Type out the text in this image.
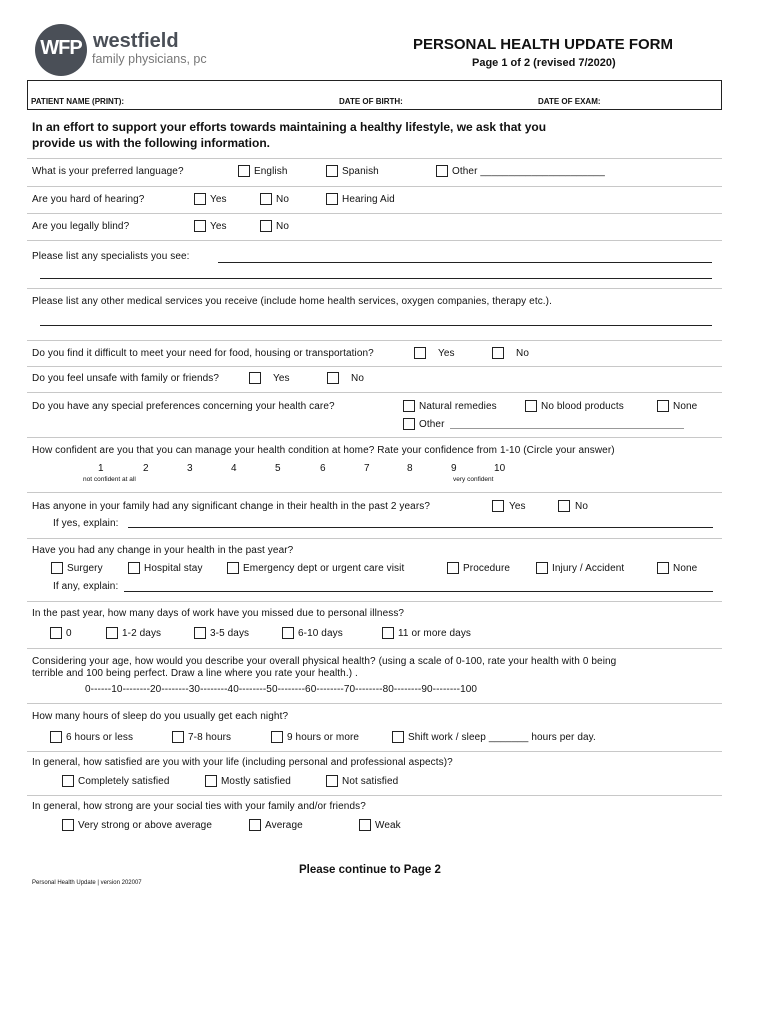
WFP westfield
family physicians, pc
PERSONAL HEALTH UPDATE FORM
Page 1 of 2 (revised 7/2020)
PATIENT NAME (PRINT):	DATE OF BIRTH:	DATE OF EXAM:
In an effort to support your efforts towards maintaining a healthy lifestyle, we ask that you
provide us with the following information.
What is your preferred language?	English	Spanish	Other ______________________
Are you hard of hearing?	Yes	No	Hearing Aid
Are you legally blind?	Yes	No
Please list any specialists you see:
Please list any other medical services you receive (include home health services, oxygen companies, therapy etc.).
Do you find it difficult to meet your need for food, housing or transportation?	Yes	No
Do you feel unsafe with family or friends?	Yes	No
Do you have any special preferences concerning your health care?	Natural remedies	No blood products	None
Other
How confident are you that you can manage your health condition at home? Rate your confidence from 1-10 (Circle your answer)
1	2	3	4	5	6	7	8	9	10
not confident at all	very confident
Has anyone in your family had any significant change in their health in the past 2 years?	Yes	No
If yes, explain:
Have you had any change in your health in the past year?
Surgery	Hospital stay	Emergency dept or urgent care visit	Procedure	Injury / Accident	None
If any, explain:
In the past year, how many days of work have you missed due to personal illness?
0	1-2 days	3-5 days	6-10 days	11 or more days
Considering your age, how would you describe your overall physical health? (using a scale of 0-100, rate your health with 0 being
terrible and 100 being perfect. Draw a line where you rate your health.) .
0------10--------20--------30--------40--------50--------60--------70--------80--------90--------100
How many hours of sleep do you usually get each night?
6 hours or less	7-8 hours	9 hours or more	Shift work / sleep _______ hours per day.
In general, how satisfied are you with your life (including personal and professional aspects)?
Completely satisfied	Mostly satisfied	Not satisfied
In general, how strong are your social ties with your family and/or friends?
Very strong or above average	Average	Weak
Please continue to Page 2
Personal Health Update | version 202007
